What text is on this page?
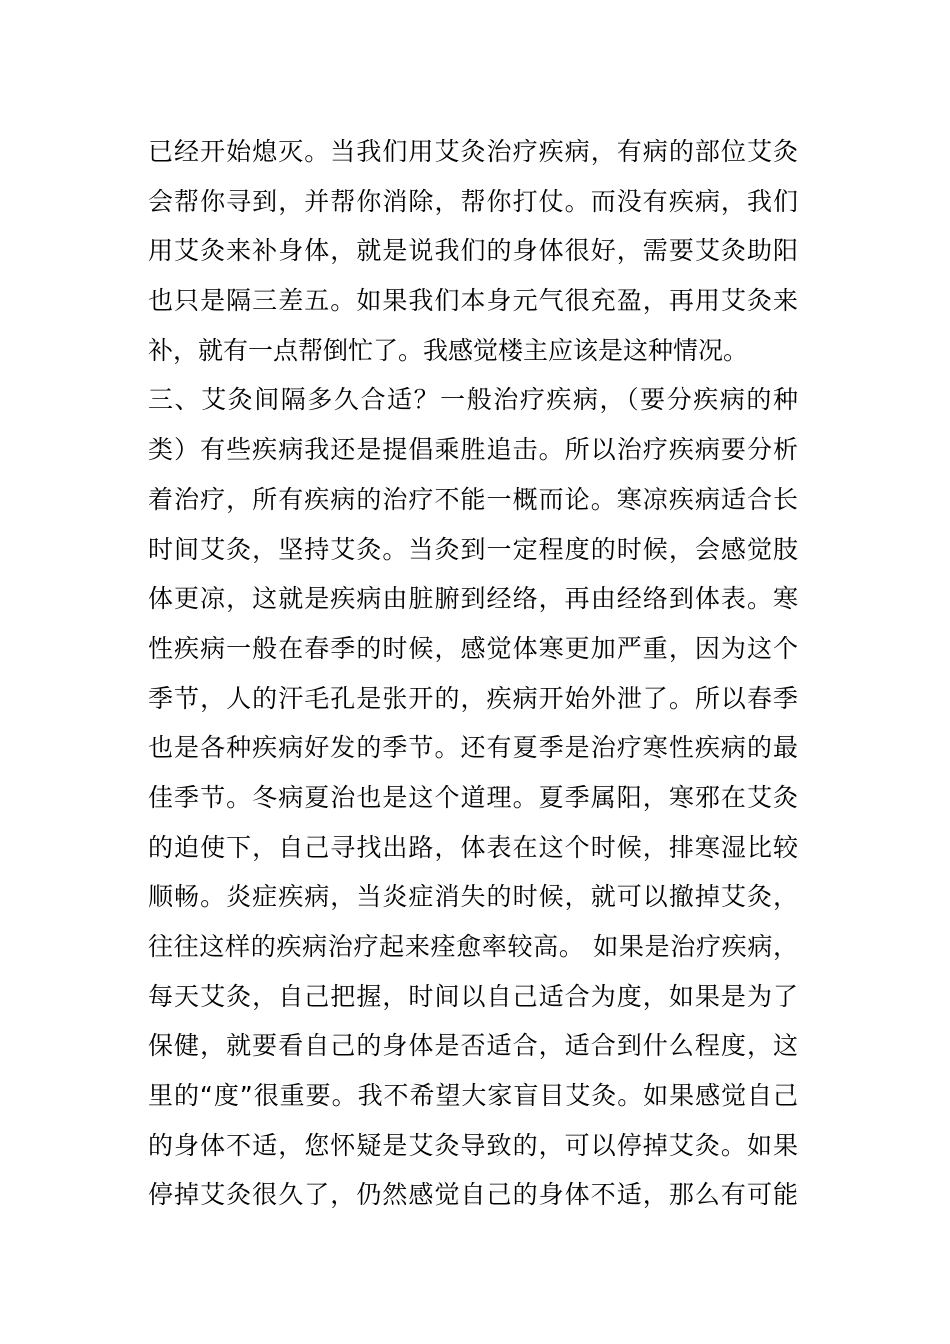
已经开始熄灭。当我们用艾灸治疗疾病，有病的部位艾灸
会帮你寻到，并帮你消除，帮你打仗。而没有疾病，我们
用艾灸来补身体，就是说我们的身体很好，需要艾灸助阳
也只是隔三差五。如果我们本身元气很充盈，再用艾灸来
补，就有一点帮倒忙了。我感觉楼主应该是这种情况。
三、艾灸间隔多久合适？一般治疗疾病，（要分疾病的种
类）有些疾病我还是提倡乘胜追击。所以治疗疾病要分析
着治疗，所有疾病的治疗不能一概而论。寒凉疾病适合长
时间艾灸，坚持艾灸。当灸到一定程度的时候，会感觉肢
体更凉，这就是疾病由脏腑到经络，再由经络到体表。寒
性疾病一般在春季的时候，感觉体寒更加严重，因为这个
季节，人的汗毛孔是张开的，疾病开始外泄了。所以春季
也是各种疾病好发的季节。还有夏季是治疗寒性疾病的最
佳季节。冬病夏治也是这个道理。夏季属阳，寒邪在艾灸
的迫使下，自己寻找出路，体表在这个时候，排寒湿比较
顺畅。炎症疾病，当炎症消失的时候，就可以撤掉艾灸，
往往这样的疾病治疗起来痊愈率较高。 如果是治疗疾病，
每天艾灸，自己把握，时间以自己适合为度，如果是为了
保健，就要看自己的身体是否适合，适合到什么程度，这
里的“度”很重要。我不希望大家盲目艾灸。如果感觉自己
的身体不适，您怀疑是艾灸导致的，可以停掉艾灸。如果
停掉艾灸很久了，仍然感觉自己的身体不适，那么有可能
